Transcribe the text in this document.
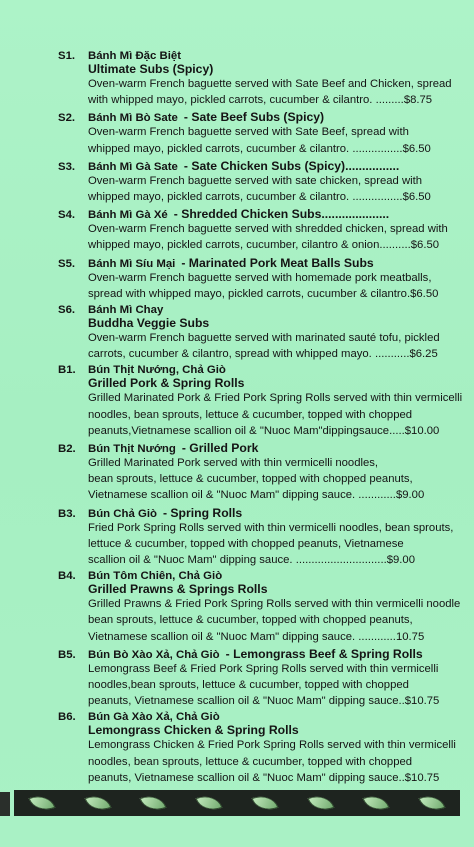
S1.	Bánh Mì Đặc Biệt
Ultimate Subs (Spicy)
Oven-warm French baguette served with Sate Beef and Chicken, spread
with whipped mayo, pickled carrots, cucumber & cilantro. .........$8.75
S2.	Bánh Mì Bò Sate - Sate Beef Subs (Spicy)
Oven-warm French baguette served with Sate Beef, spread with
whipped mayo, pickled carrots, cucumber & cilantro. ................$6.50
S3.	Bánh Mì Gà Sate - Sate Chicken Subs (Spicy)................
Oven-warm French baguette served with sate chicken, spread with
whipped mayo, pickled carrots, cucumber & cilantro. ................$6.50
S4.	Bánh Mì Gà Xé - Shredded Chicken Subs....................
Oven-warm French baguette served with shredded chicken, spread with
whipped mayo, pickled carrots, cucumber, cilantro & onion..........$6.50
S5.	Bánh Mì Síu Mại - Marinated Pork Meat Balls Subs
Oven-warm French baguette served with homemade pork meatballs,
spread with whipped mayo, pickled carrots, cucumber & cilantro.$6.50
S6.	Bánh Mì Chay
Buddha Veggie Subs
Oven-warm French baguette served with marinated sauté tofu, pickled
carrots, cucumber & cilantro, spread with whipped mayo. ...........$6.25
B1.	Bún Thịt Nướng, Chả Giò
Grilled Pork & Spring Rolls
Grilled Marinated Pork & Fried Pork Spring Rolls served with thin vermicelli
noodles, bean sprouts, lettuce & cucumber, topped with chopped
peanuts,Vietnamese scallion oil & "Nuoc Mam"dippingsauce.....$10.00
B2.	Bún Thịt Nướng - Grilled Pork
Grilled Marinated Pork served with thin vermicelli noodles,
bean sprouts, lettuce & cucumber, topped with chopped peanuts,
Vietnamese scallion oil & "Nuoc Mam" dipping sauce. ............$9.00
B3.	Bún Chả Giò - Spring Rolls
Fried Pork Spring Rolls served with thin vermicelli noodles, bean sprouts,
lettuce & cucumber, topped with chopped peanuts, Vietnamese
scallion oil & "Nuoc Mam" dipping sauce. .............................$9.00
B4.	Bún Tôm Chiên, Chả Giò
Grilled Prawns & Springs Rolls
Grilled Prawns & Fried Pork Spring Rolls served with thin vermicelli noodle
bean sprouts, lettuce & cucumber, topped with chopped peanuts,
Vietnamese scallion oil & "Nuoc Mam" dipping sauce. ............10.75
B5.	Bún Bò Xào Xả, Chả Giò - Lemongrass Beef & Spring Rolls
Lemongrass Beef & Fried Pork Spring Rolls served with thin vermicelli
noodles,bean sprouts, lettuce & cucumber, topped with chopped
peanuts, Vietnamese scallion oil & "Nuoc Mam" dipping sauce..$10.75
B6.	Bún Gà Xào Xả, Chả Giò
Lemongrass Chicken & Spring Rolls
Lemongrass Chicken & Fried Pork Spring Rolls served with thin vermicelli
noodles, bean sprouts, lettuce & cucumber, topped with chopped
peanuts, Vietnamese scallion oil & "Nuoc Mam" dipping sauce..$10.75
